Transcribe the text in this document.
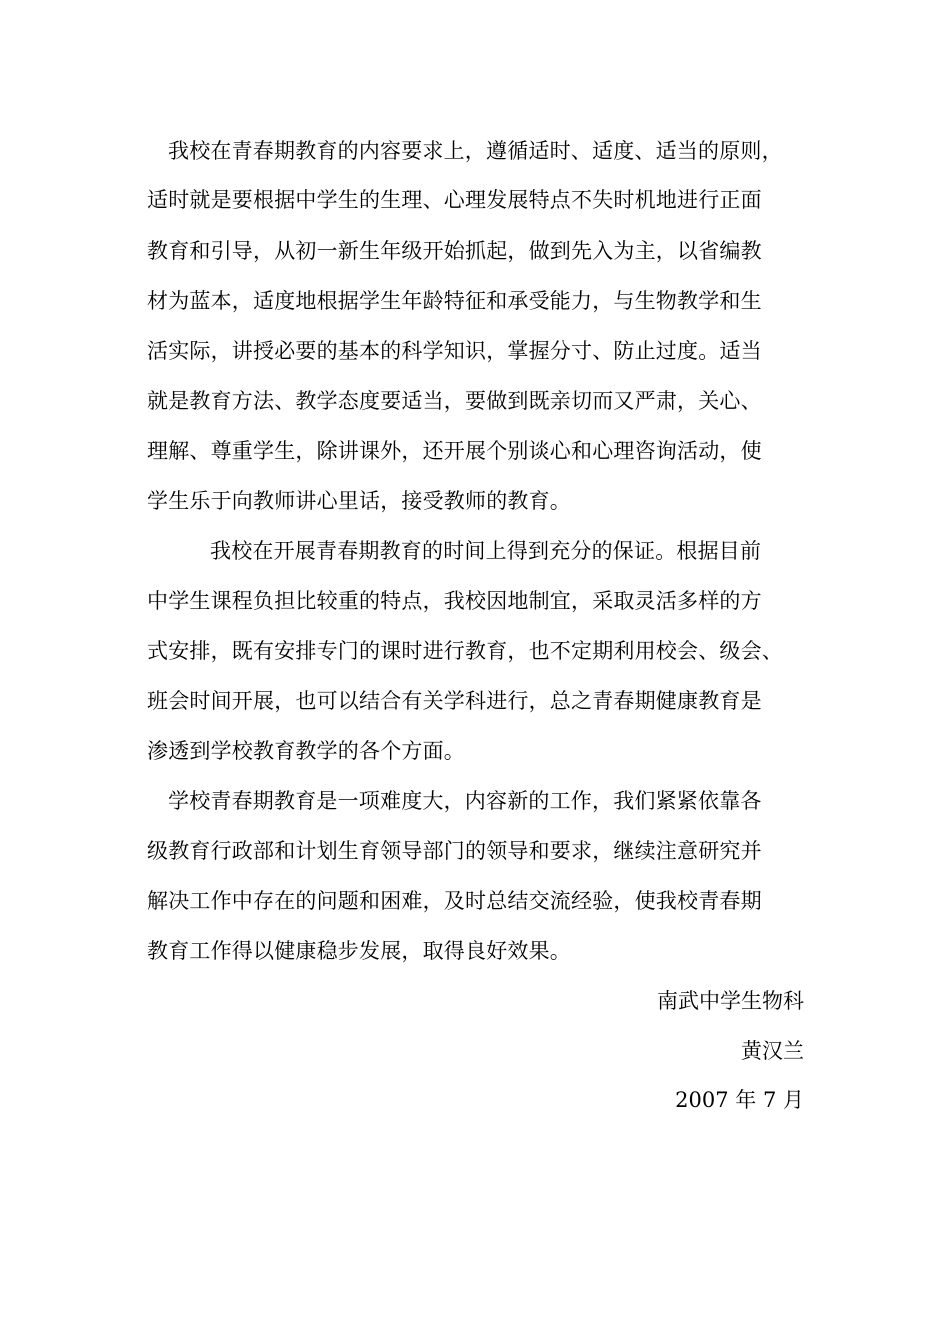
我校在青春期教育的内容要求上，遵循适时、适度、适当的原则，
适时就是要根据中学生的生理、心理发展特点不失时机地进行正面
教育和引导，从初一新生年级开始抓起，做到先入为主，以省编教
材为蓝本，适度地根据学生年龄特征和承受能力，与生物教学和生
活实际，讲授必要的基本的科学知识，掌握分寸、防止过度。适当
就是教育方法、教学态度要适当，要做到既亲切而又严肃，关心、
理解、尊重学生，除讲课外，还开展个别谈心和心理咨询活动，使
学生乐于向教师讲心里话，接受教师的教育。
我校在开展青春期教育的时间上得到充分的保证。根据目前
中学生课程负担比较重的特点，我校因地制宜，采取灵活多样的方
式安排，既有安排专门的课时进行教育，也不定期利用校会、级会、
班会时间开展，也可以结合有关学科进行，总之青春期健康教育是
渗透到学校教育教学的各个方面。
学校青春期教育是一项难度大，内容新的工作，我们紧紧依靠各
级教育行政部和计划生育领导部门的领导和要求，继续注意研究并
解决工作中存在的问题和困难，及时总结交流经验，使我校青春期
教育工作得以健康稳步发展，取得良好效果。
南武中学生物科
黄汉兰
2007 年 7 月
